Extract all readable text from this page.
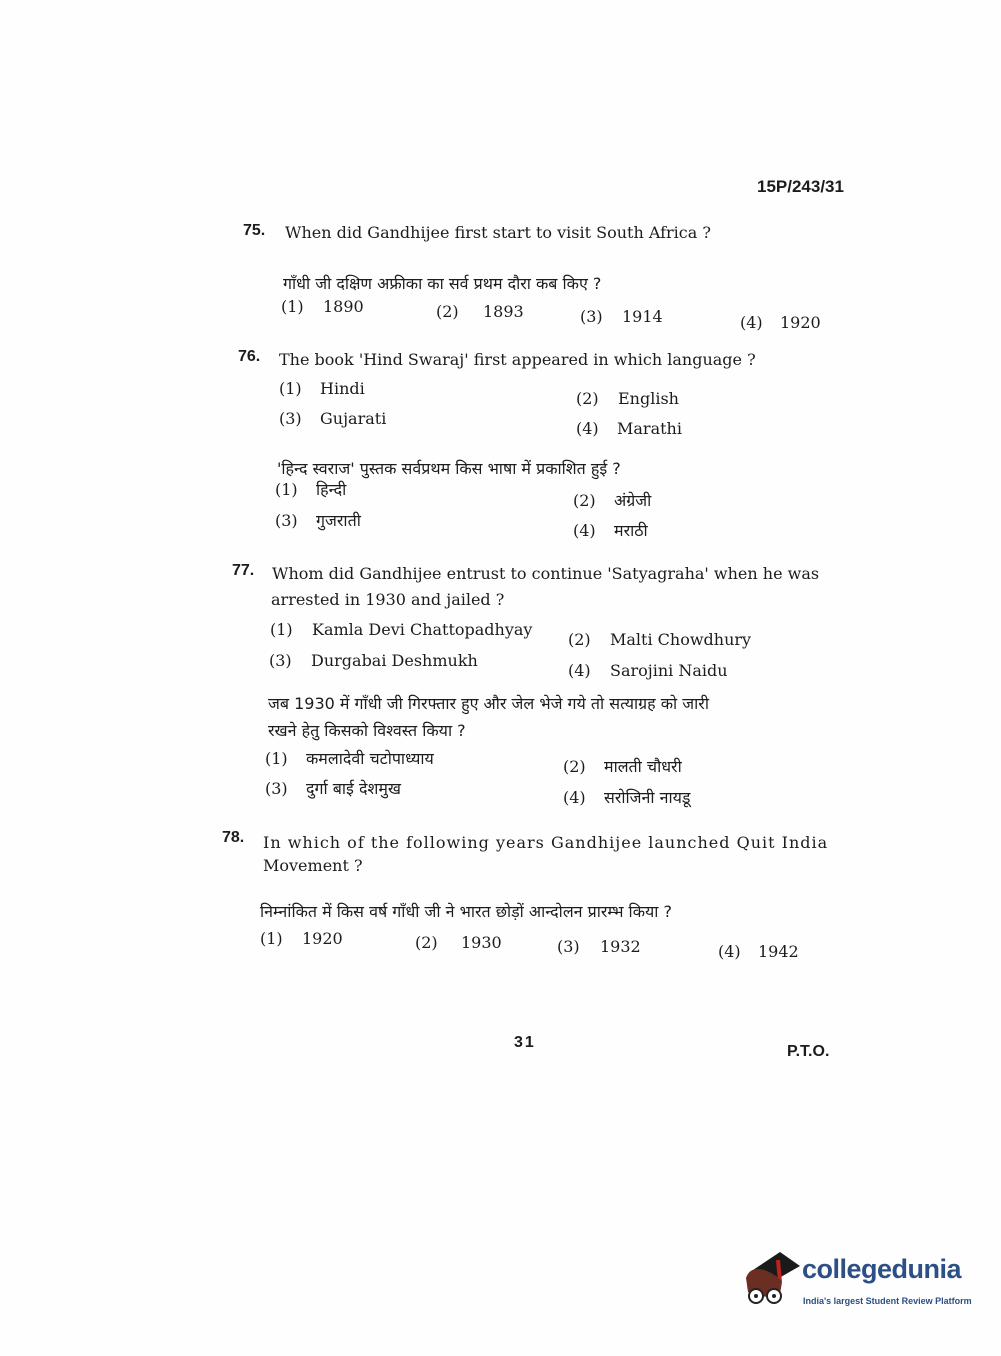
15P/243/31
75. When did Gandhijee first start to visit South Africa ?
गाँधी जी दक्षिण अफ्रीका का सर्व प्रथम दौरा कब किए ?
(1) 1890	(2) 1893	(3) 1914	(4) 1920
76. The book 'Hind Swaraj' first appeared in which language ?
(1) Hindi
(2) English
(3) Gujarati
(4) Marathi
'हिन्द स्वराज' पुस्तक सर्वप्रथम किस भाषा में प्रकाशित हुई ?
(1) हिन्दी
(2) अंग्रेजी
(3) गुजराती
(4) मराठी
77. Whom did Gandhijee entrust to continue 'Satyagraha' when he was
arrested in 1930 and jailed ?
(1) Kamla Devi Chattopadhyay
(2) Malti Chowdhury
(3) Durgabai Deshmukh
(4) Sarojini Naidu
जब 1930 में गाँधी जी गिरफ्तार हुए और जेल भेजे गये तो सत्याग्रह को जारी
रखने हेतु किसको विश्वस्त किया ?
(1) कमलादेवी चटोपाध्याय	(2) मालती चौधरी
(3) दुर्गा बाई देशमुख	(4) सरोजिनी नायडू
78. In which of the following years Gandhijee launched Quit India
Movement ?
निम्नांकित में किस वर्ष गाँधी जी ने भारत छोड़ों आन्दोलन प्रारम्भ किया ?
(1) 1920	(2) 1930	(3) 1932	(4) 1942
31
P.T.O.
collegedunia
India's largest Student Review Platform
